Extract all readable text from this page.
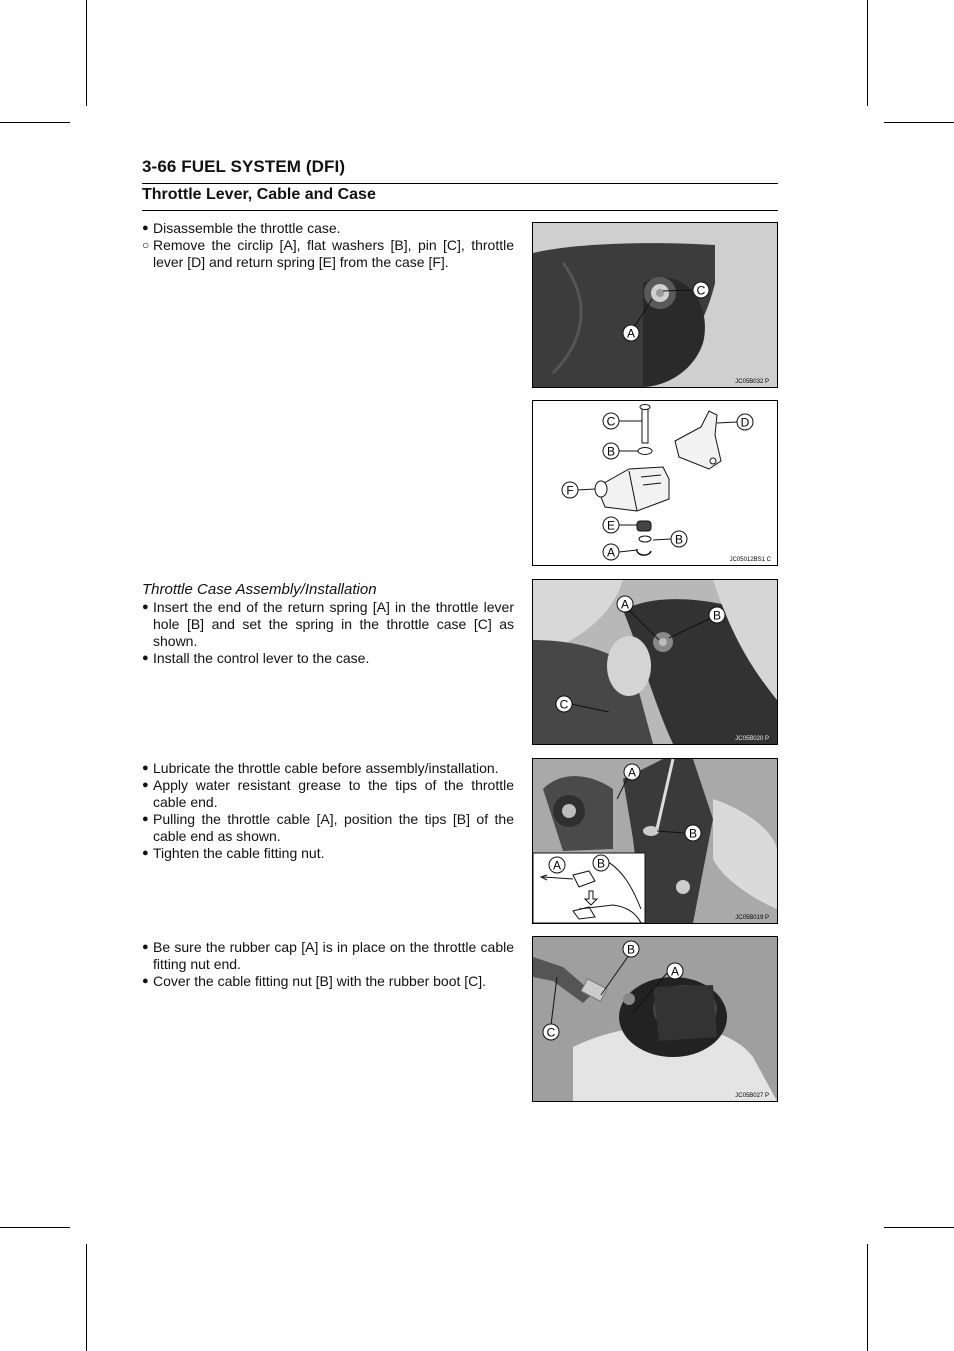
3-66 FUEL SYSTEM (DFI)
Throttle Lever, Cable and Case
● Disassemble the throttle case.
○ Remove the circlip [A], flat washers [B], pin [C], throttle lever [D] and return spring [E] from the case [F].
Throttle Case Assembly/Installation
● Insert the end of the return spring [A] in the throttle lever hole [B] and set the spring in the throttle case [C] as shown.
● Install the control lever to the case.
● Lubricate the throttle cable before assembly/installation.
● Apply water resistant grease to the tips of the throttle cable end.
● Pulling the throttle cable [A], position the tips [B] of the cable end as shown.
● Tighten the cable fitting nut.
● Be sure the rubber cap [A] is in place on the throttle cable fitting nut end.
● Cover the cable fitting nut [B] with the rubber boot [C].
C
A
JC05B032 P
C
B
F
E
A
B
D
JC05012BS1 C
A
B
C
JC05B020 P
A
B
A	B
JC05B019 P
B
A
C
JC05B027 P
